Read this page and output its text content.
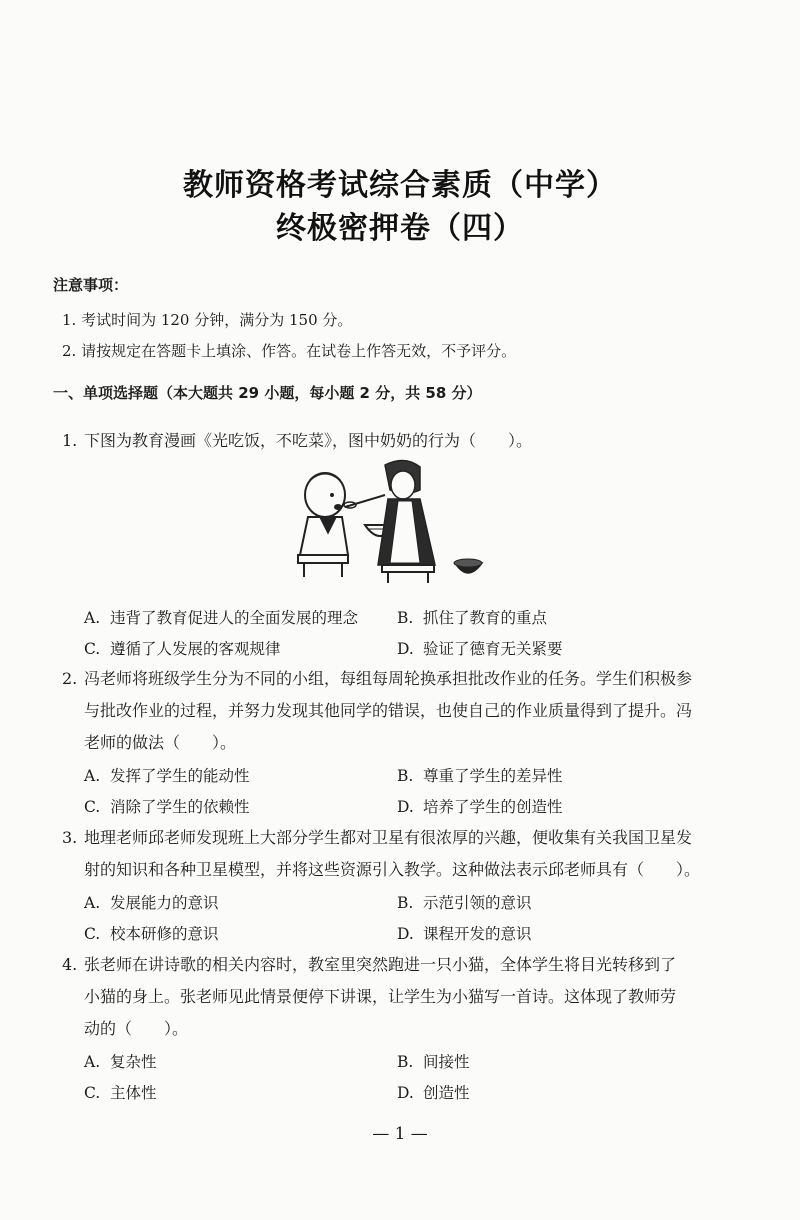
教师资格考试综合素质（中学）
终极密押卷（四）
注意事项：
1. 考试时间为 120 分钟，满分为 150 分。
2. 请按规定在答题卡上填涂、作答。在试卷上作答无效，不予评分。
一、单项选择题（本大题共 29 小题，每小题 2 分，共 58 分）
1. 下图为教育漫画《光吃饭，不吃菜》，图中奶奶的行为（　　）。
A. 违背了教育促进人的全面发展的理念	B. 抓住了教育的重点
C. 遵循了人发展的客观规律	D. 验证了德育无关紧要
2. 冯老师将班级学生分为不同的小组，每组每周轮换承担批改作业的任务。学生们积极参
与批改作业的过程，并努力发现其他同学的错误，也使自己的作业质量得到了提升。冯
老师的做法（　　）。
A. 发挥了学生的能动性	B. 尊重了学生的差异性
C. 消除了学生的依赖性	D. 培养了学生的创造性
3. 地理老师邱老师发现班上大部分学生都对卫星有很浓厚的兴趣，便收集有关我国卫星发
射的知识和各种卫星模型，并将这些资源引入教学。这种做法表示邱老师具有（　　）。
A. 发展能力的意识	B. 示范引领的意识
C. 校本研修的意识	D. 课程开发的意识
4. 张老师在讲诗歌的相关内容时，教室里突然跑进一只小猫，全体学生将目光转移到了
小猫的身上。张老师见此情景便停下讲课，让学生为小猫写一首诗。这体现了教师劳
动的（　　）。
A. 复杂性	B. 间接性
C. 主体性	D. 创造性
— 1 —
